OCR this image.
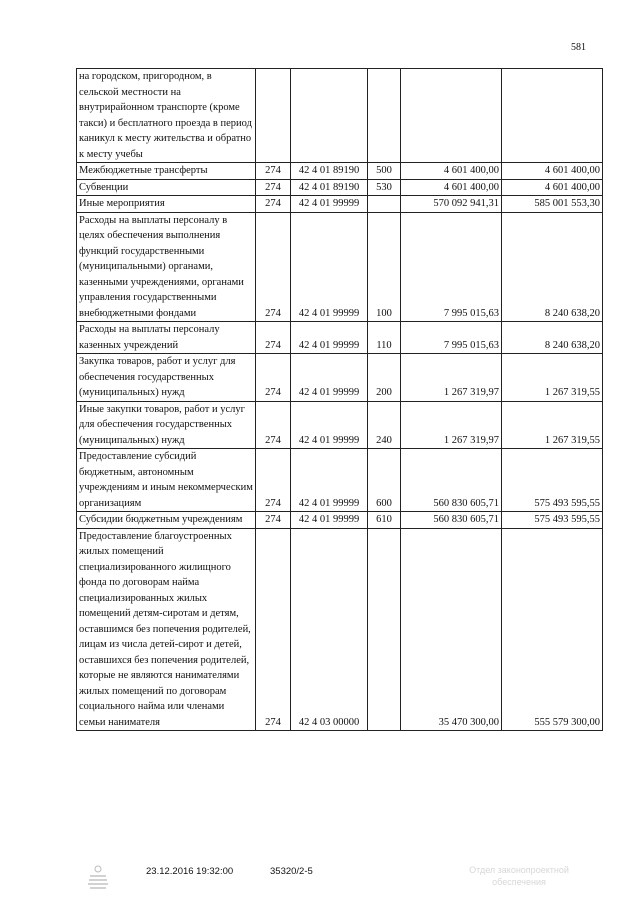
581
на городском, пригородном, в сельской местности на внутрирайонном транспорте (кроме такси) и бесплатного проезда в период каникул к месту жительства и обратно к месту учебы					
Межбюджетные трансферты	274	42 4 01 89190	500	4 601 400,00	4 601 400,00
Субвенции	274	42 4 01 89190	530	4 601 400,00	4 601 400,00
Иные мероприятия	274	42 4 01 99999		570 092 941,31	585 001 553,30
Расходы на выплаты персоналу в целях обеспечения выполнения функций государственными (муниципальными) органами, казенными учреждениями, органами управления государственными внебюджетными фондами	274	42 4 01 99999	100	7 995 015,63	8 240 638,20
Расходы на выплаты персоналу казенных учреждений	274	42 4 01 99999	110	7 995 015,63	8 240 638,20
Закупка товаров, работ и услуг для обеспечения государственных (муниципальных) нужд	274	42 4 01 99999	200	1 267 319,97	1 267 319,55
Иные закупки товаров, работ и услуг для обеспечения государственных (муниципальных) нужд	274	42 4 01 99999	240	1 267 319,97	1 267 319,55
Предоставление субсидий бюджетным, автономным учреждениям и иным некоммерческим организациям	274	42 4 01 99999	600	560 830 605,71	575 493 595,55
Субсидии бюджетным учреждениям	274	42 4 01 99999	610	560 830 605,71	575 493 595,55
Предоставление благоустроенных жилых помещений специализированного жилищного фонда по договорам найма специализированных жилых помещений детям-сиротам и детям, оставшимся без попечения родителей, лицам из числа детей-сирот и детей, оставшихся без попечения родителей, которые не являются нанимателями жилых помещений по договорам социального найма или членами семьи нанимателя	274	42 4 03 00000		35 470 300,00	555 579 300,00
23.12.2016 19:32:00	35320/2-5	Отдел законопроектной
обеспечения
